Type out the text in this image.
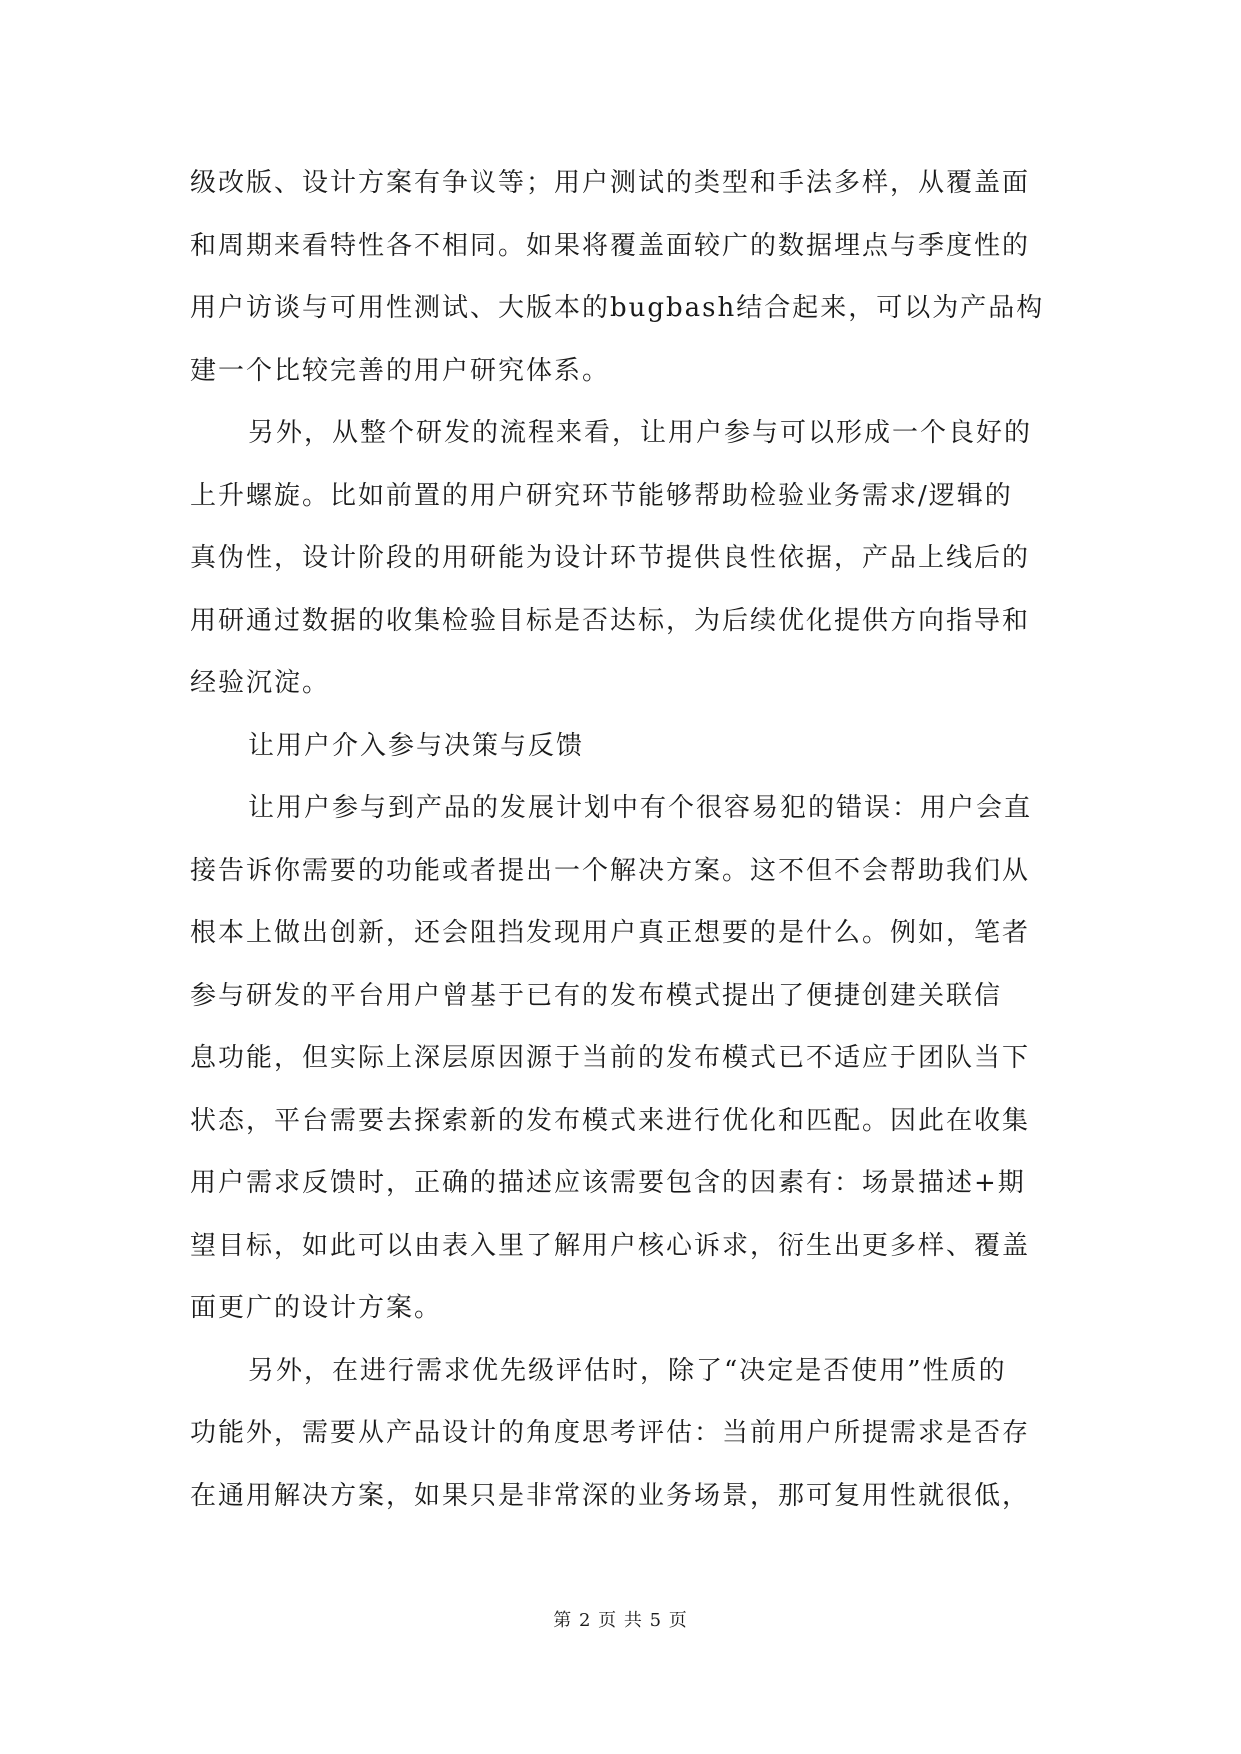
级改版、设计方案有争议等；用户测试的类型和手法多样，从覆盖面
和周期来看特性各不相同。如果将覆盖面较广的数据埋点与季度性的
用户访谈与可用性测试、大版本的bugbash结合起来，可以为产品构
建一个比较完善的用户研究体系。
另外，从整个研发的流程来看，让用户参与可以形成一个良好的
上升螺旋。比如前置的用户研究环节能够帮助检验业务需求/逻辑的
真伪性，设计阶段的用研能为设计环节提供良性依据，产品上线后的
用研通过数据的收集检验目标是否达标，为后续优化提供方向指导和
经验沉淀。
让用户介入参与决策与反馈
让用户参与到产品的发展计划中有个很容易犯的错误：用户会直
接告诉你需要的功能或者提出一个解决方案。这不但不会帮助我们从
根本上做出创新，还会阻挡发现用户真正想要的是什么。例如，笔者
参与研发的平台用户曾基于已有的发布模式提出了便捷创建关联信
息功能，但实际上深层原因源于当前的发布模式已不适应于团队当下
状态，平台需要去探索新的发布模式来进行优化和匹配。因此在收集
用户需求反馈时，正确的描述应该需要包含的因素有：场景描述+期
望目标，如此可以由表入里了解用户核心诉求，衍生出更多样、覆盖
面更广的设计方案。
另外，在进行需求优先级评估时，除了“决定是否使用”性质的
功能外，需要从产品设计的角度思考评估：当前用户所提需求是否存
在通用解决方案，如果只是非常深的业务场景，那可复用性就很低，
第 2 页 共 5 页
